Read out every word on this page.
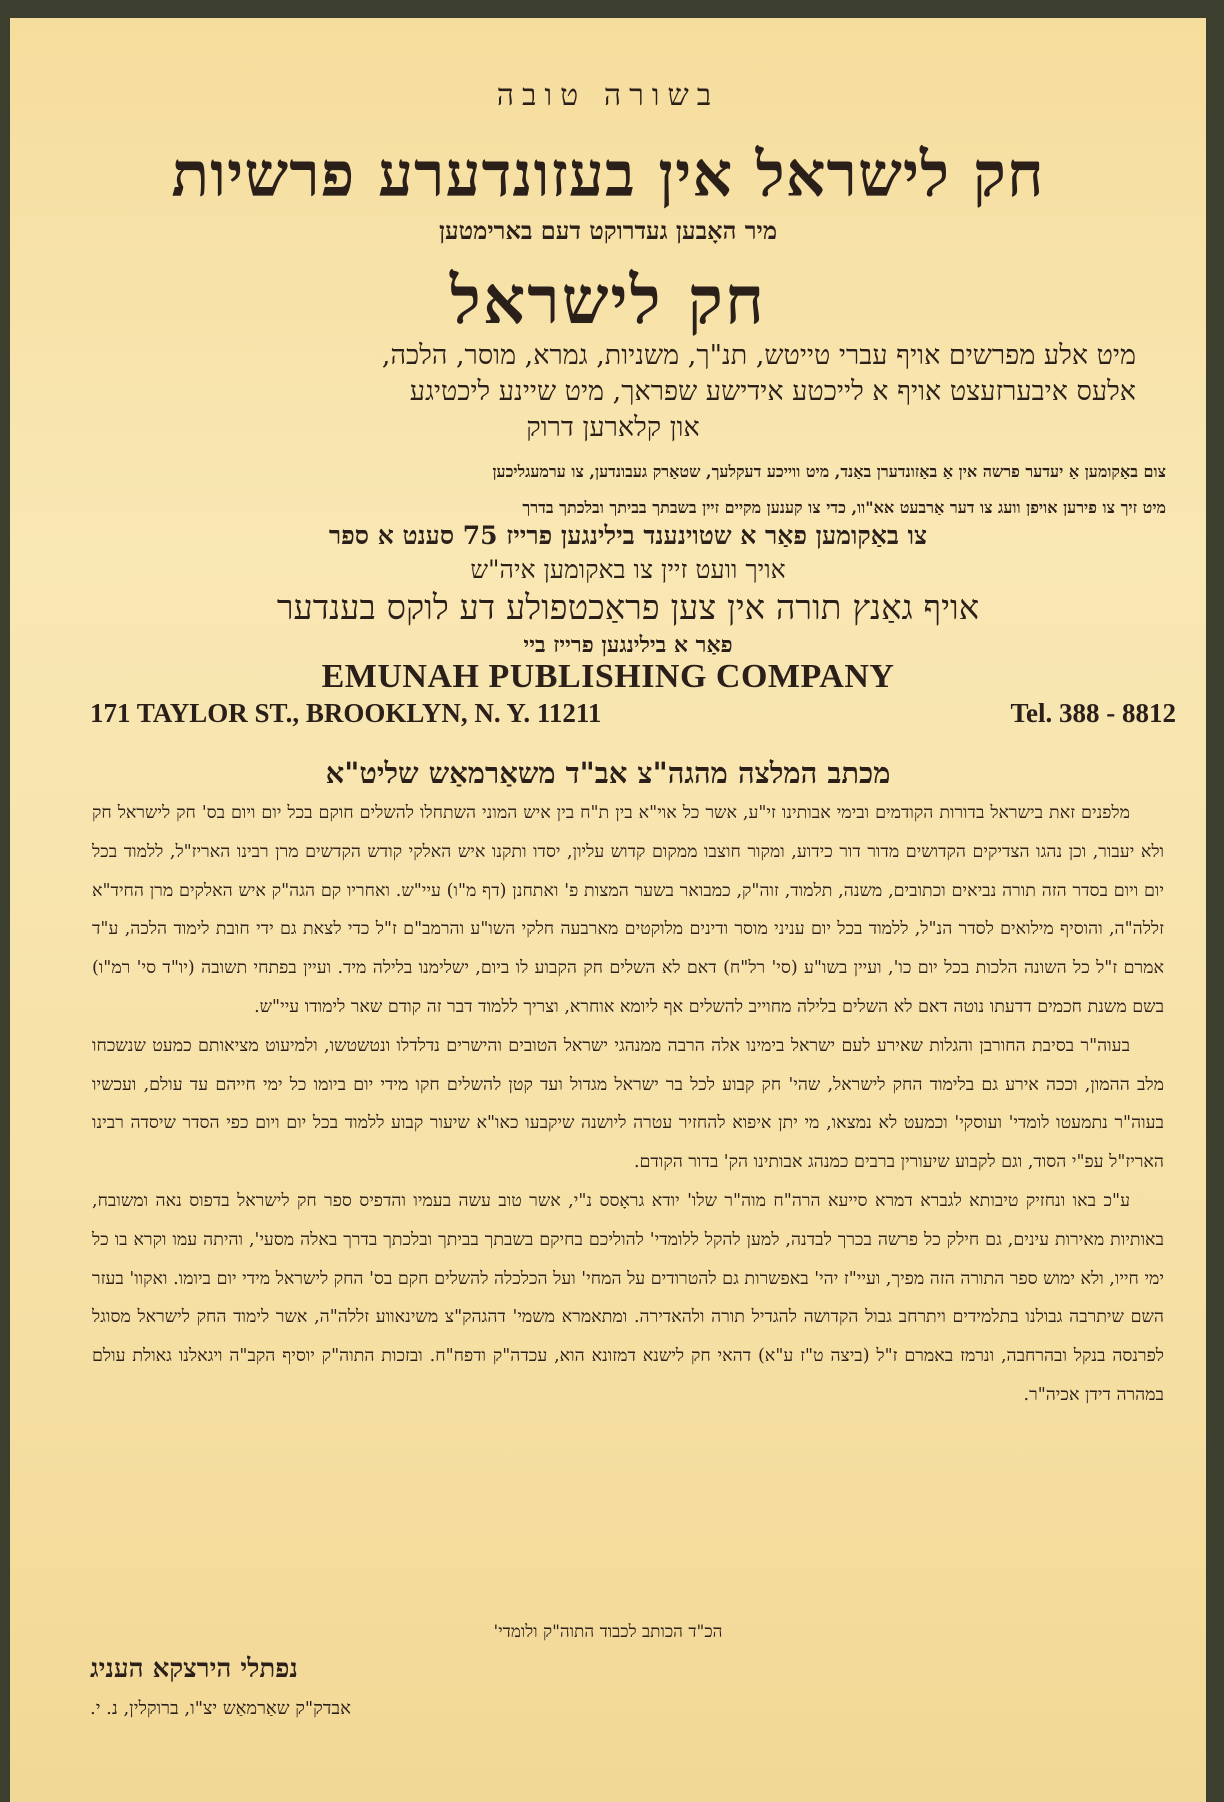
בשורה טובה
חק לישראל אין בעזונדערע פרשיות
מיר האָבען געדרוקט דעם בארימטען
חק לישראל
מיט אלע מפרשים אויף עברי טייטש, תנ"ך, משניות, גמרא, מוסר, הלכה,
אלעס איבערזעצט אויף א לייכטע אידישע שפראך, מיט שיינע ליכטיגע
און קלארען דרוק
צום באַקומען אַ יעדער פרשה אין אַ באַזונדערן באַנד, מיט ווייכע דעקלעך, שטאַרק געבונדען, צו ערמעגליכען
מיט זיך צו פירען אויפן וועג צו דער אַרבעט אא"וו, כדי צו קענען מקיים זיין בשבתך בביתך ובלכתך בדרך
צו באַקומען פאַר א שטוינענד בילינגען פרייז 75 סענט א ספר
אויך וועט זיין צו באקומען איה"ש
אויף גאַנץ תורה אין צען פראַכטפולע דע לוקס בענדער
פאַר א בילינגען פרייז ביי
EMUNAH PUBLISHING COMPANY
171 TAYLOR ST., BROOKLYN, N. Y. 11211	Tel. 388 - 8812
מכתב המלצה מהגה"צ אב"ד משאַרמאַש שליט"א

מלפנים זאת בישראל בדורות הקודמים ובימי אבותינו זי"ע, אשר כל אוי"א בין ת"ח בין איש המוני השתחלו להשלים חוקם בכל יום ויום בס' חק לישראל חק ולא יעבור, וכן נהגו הצדיקים הקדושים מדור דור כידוע, ומקור חוצבו ממקום קדוש עליון, יסדו ותקנו איש האלקי קודש הקדשים מרן רבינו האריז"ל, ללמוד בכל יום ויום בסדר הזה תורה נביאים וכתובים, משנה, תלמוד, זוה"ק, כמבואר בשער המצות פ' ואתחנן (דף מ"ו) עיי"ש. ואחריו קם הגה"ק איש האלקים מרן החיד"א זללה"ה, והוסיף מילואים לסדר הנ"ל, ללמוד בכל יום עניני מוסר ודינים מלוקטים מארבעה חלקי השו"ע והרמב"ם ז"ל כדי לצאת גם ידי חובת לימוד הלכה, ע"ד אמרם ז"ל כל השונה הלכות בכל יום כו', ועיין בשו"ע (סי' רל"ח) דאם לא השלים חק הקבוע לו ביום, ישלימנו בלילה מיד. ועיין בפתחי תשובה (יו"ד סי' רמ"ו) בשם משנת חכמים דדעתו נוטה דאם לא השלים בלילה מחוייב להשלים אף ליומא אוחרא, וצריך ללמוד דבר זה קודם שאר לימודו עיי"ש.

בעוה"ר בסיבת החורבן והגלות שאירע לעם ישראל בימינו אלה הרבה ממנהגי ישראל הטובים והישרים נדלדלו ונטשטשו, ולמיעוט מציאותם כמעט שנשכחו מלב ההמון, וככה אירע גם בלימוד החק לישראל, שהי' חק קבוע לכל בר ישראל מגדול ועד קטן להשלים חקו מידי יום ביומו כל ימי חייהם עד עולם, ועכשיו בעוה"ר נתמעטו לומדי' ועוסקי' וכמעט לא נמצאו, מי יתן איפוא להחזיר עטרה ליושנה שיקבעו כאו"א שיעור קבוע ללמוד בכל יום ויום כפי הסדר שיסדה רבינו האריז"ל עפ"י הסוד, וגם לקבוע שיעורין ברבים כמנהג אבותינו הק' בדור הקודם.

ע"כ באו ונחזיק טיבותא לגברא דמרא סייעא הרה"ח מוה"ר שלו' יודא גראָסס נ"י, אשר טוב עשה בעמיו והדפיס ספר חק לישראל בדפוס נאה ומשובח, באותיות מאירות עינים, גם חילק כל פרשה בכרך לבדנה, למען להקל ללומדי' להוליכם בחיקם בשבתך בביתך ובלכתך בדרך באלה מסעי', והיתה עמו וקרא בו כל ימי חייו, ולא ימוש ספר התורה הזה מפיך, ועיי"ז יהי' באפשרות גם להטרודים על המחי' ועל הכלכלה להשלים חקם בס' החק לישראל מידי יום ביומו. ואקוו' בעזר השם שיתרבה גבולנו בתלמידים ויתרחב גבול הקדושה להגדיל תורה ולהאדירה. ומתאמרא משמי' דהגהק"צ משינאווע זללה"ה, אשר לימוד החק לישראל מסוגל לפרנסה בנקל ובהרחבה, ונרמז באמרם ז"ל (ביצה ט"ז ע"א) דהאי חק לישנא דמזונא הוא, עכדה"ק ודפח"ח. ובזכות התוה"ק יוסיף הקב"ה ויגאלנו גאולת עולם במהרה דידן אכיה"ר.

הכ"ד הכותב לכבוד התוה"ק ולומדי'
נפתלי הירצקא העניג
אבדק"ק שאַרמאַש יצ"ו, ברוקלין, נ. י.
